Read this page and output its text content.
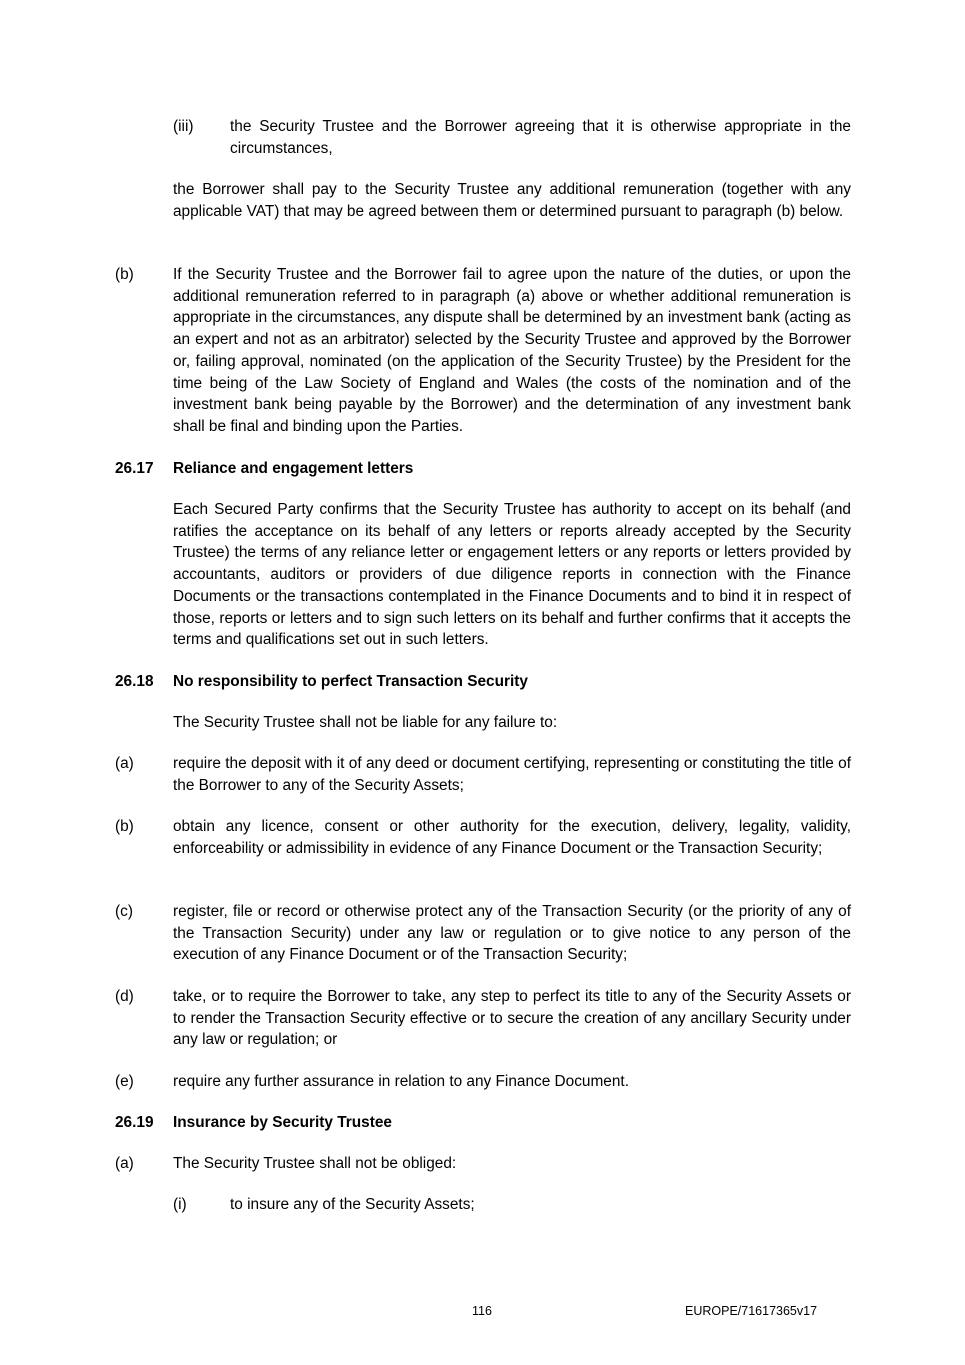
(iii) the Security Trustee and the Borrower agreeing that it is otherwise appropriate in the circumstances,
the Borrower shall pay to the Security Trustee any additional remuneration (together with any applicable VAT) that may be agreed between them or determined pursuant to paragraph (b) below.
(b)	If the Security Trustee and the Borrower fail to agree upon the nature of the duties, or upon the additional remuneration referred to in paragraph (a) above or whether additional remuneration is appropriate in the circumstances, any dispute shall be determined by an investment bank (acting as an expert and not as an arbitrator) selected by the Security Trustee and approved by the Borrower or, failing approval, nominated (on the application of the Security Trustee) by the President for the time being of the Law Society of England and Wales (the costs of the nomination and of the investment bank being payable by the Borrower) and the determination of any investment bank shall be final and binding upon the Parties.
26.17 Reliance and engagement letters
Each Secured Party confirms that the Security Trustee has authority to accept on its behalf (and ratifies the acceptance on its behalf of any letters or reports already accepted by the Security Trustee) the terms of any reliance letter or engagement letters or any reports or letters provided by accountants, auditors or providers of due diligence reports in connection with the Finance Documents or the transactions contemplated in the Finance Documents and to bind it in respect of those, reports or letters and to sign such letters on its behalf and further confirms that it accepts the terms and qualifications set out in such letters.
26.18 No responsibility to perfect Transaction Security
The Security Trustee shall not be liable for any failure to:
(a)	require the deposit with it of any deed or document certifying, representing or constituting the title of the Borrower to any of the Security Assets;
(b)	obtain any licence, consent or other authority for the execution, delivery, legality, validity, enforceability or admissibility in evidence of any Finance Document or the Transaction Security;
(c)	register, file or record or otherwise protect any of the Transaction Security (or the priority of any of the Transaction Security) under any law or regulation or to give notice to any person of the execution of any Finance Document or of the Transaction Security;
(d)	take, or to require the Borrower to take, any step to perfect its title to any of the Security Assets or to render the Transaction Security effective or to secure the creation of any ancillary Security under any law or regulation; or
(e)	require any further assurance in relation to any Finance Document.
26.19 Insurance by Security Trustee
(a)	The Security Trustee shall not be obliged:
(i)	to insure any of the Security Assets;
116	EUROPE/71617365v17
